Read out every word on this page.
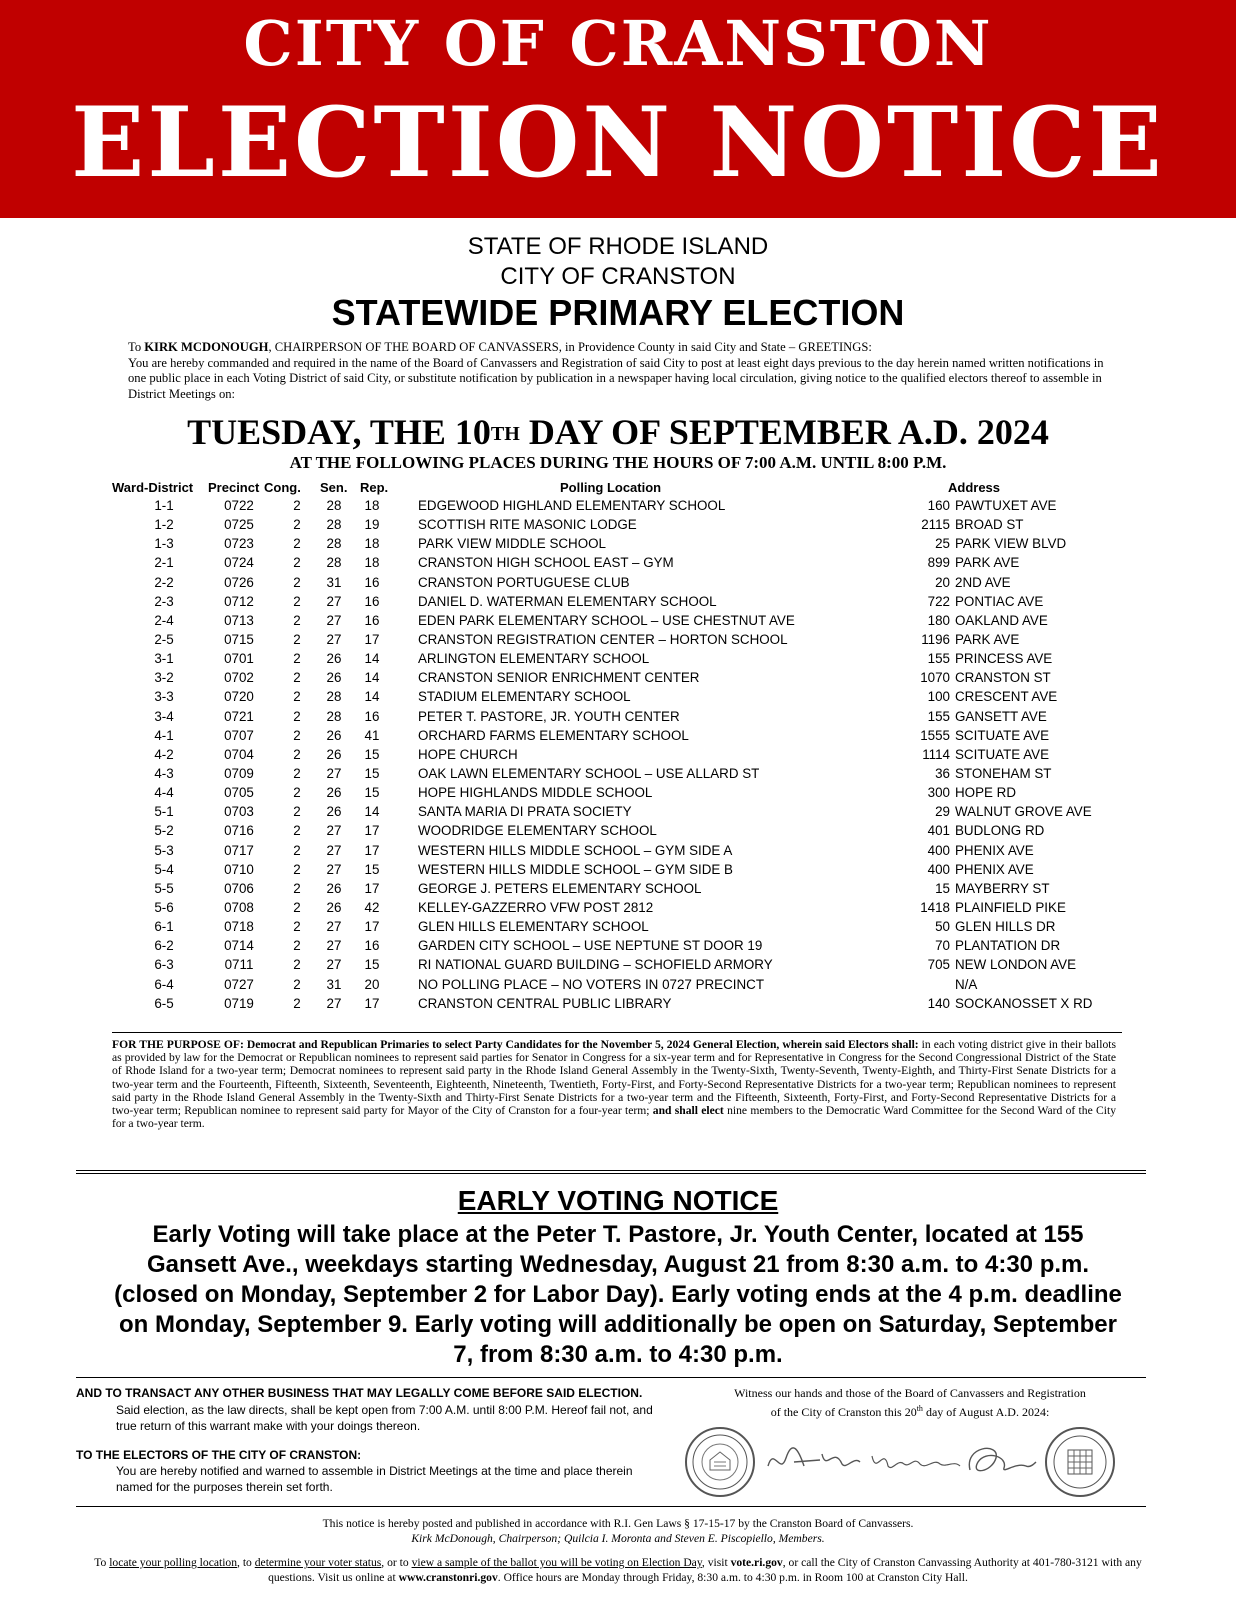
CITY OF CRANSTON
ELECTION NOTICE
STATE OF RHODE ISLAND
CITY OF CRANSTON
STATEWIDE PRIMARY ELECTION
To KIRK MCDONOUGH, CHAIRPERSON OF THE BOARD OF CANVASSERS, in Providence County in said City and State – GREETINGS:
You are hereby commanded and required in the name of the Board of Canvassers and Registration of said City to post at least eight days previous to the day herein named written notifications in one public place in each Voting District of said City, or substitute notification by publication in a newspaper having local circulation, giving notice to the qualified electors thereof to assemble in District Meetings on:
TUESDAY, THE 10TH DAY OF SEPTEMBER A.D. 2024
AT THE FOLLOWING PLACES DURING THE HOURS OF 7:00 A.M. UNTIL 8:00 P.M.
Ward-District	Precinct Cong.	Sen. Rep.	Polling Location	Address
1-1	0722	2	28	18	EDGEWOOD HIGHLAND ELEMENTARY SCHOOL	160 PAWTUXET AVE
1-2	0725	2	28	19	SCOTTISH RITE MASONIC LODGE	2115 BROAD ST
1-3	0723	2	28	18	PARK VIEW MIDDLE SCHOOL	25 PARK VIEW BLVD
2-1	0724	2	28	18	CRANSTON HIGH SCHOOL EAST – GYM	899 PARK AVE
2-2	0726	2	31	16	CRANSTON PORTUGUESE CLUB	20 2ND AVE
2-3	0712	2	27	16	DANIEL D. WATERMAN ELEMENTARY SCHOOL	722 PONTIAC AVE
2-4	0713	2	27	16	EDEN PARK ELEMENTARY SCHOOL – USE CHESTNUT AVE	180 OAKLAND AVE
2-5	0715	2	27	17	CRANSTON REGISTRATION CENTER – HORTON SCHOOL	1196 PARK AVE
3-1	0701	2	26	14	ARLINGTON ELEMENTARY SCHOOL	155 PRINCESS AVE
3-2	0702	2	26	14	CRANSTON SENIOR ENRICHMENT CENTER	1070 CRANSTON ST
3-3	0720	2	28	14	STADIUM ELEMENTARY SCHOOL	100 CRESCENT AVE
3-4	0721	2	28	16	PETER T. PASTORE, JR. YOUTH CENTER	155 GANSETT AVE
4-1	0707	2	26	41	ORCHARD FARMS ELEMENTARY SCHOOL	1555 SCITUATE AVE
4-2	0704	2	26	15	HOPE CHURCH	1114 SCITUATE AVE
4-3	0709	2	27	15	OAK LAWN ELEMENTARY SCHOOL – USE ALLARD ST	36 STONEHAM ST
4-4	0705	2	26	15	HOPE HIGHLANDS MIDDLE SCHOOL	300 HOPE RD
5-1	0703	2	26	14	SANTA MARIA DI PRATA SOCIETY	29 WALNUT GROVE AVE
5-2	0716	2	27	17	WOODRIDGE ELEMENTARY SCHOOL	401 BUDLONG RD
5-3	0717	2	27	17	WESTERN HILLS MIDDLE SCHOOL – GYM SIDE A	400 PHENIX AVE
5-4	0710	2	27	15	WESTERN HILLS MIDDLE SCHOOL – GYM SIDE B	400 PHENIX AVE
5-5	0706	2	26	17	GEORGE J. PETERS ELEMENTARY SCHOOL	15 MAYBERRY ST
5-6	0708	2	26	42	KELLEY-GAZZERRO VFW POST 2812	1418 PLAINFIELD PIKE
6-1	0718	2	27	17	GLEN HILLS ELEMENTARY SCHOOL	50 GLEN HILLS DR
6-2	0714	2	27	16	GARDEN CITY SCHOOL – USE NEPTUNE ST DOOR 19	70 PLANTATION DR
6-3	0711	2	27	15	RI NATIONAL GUARD BUILDING – SCHOFIELD ARMORY	705 NEW LONDON AVE
6-4	0727	2	31	20	NO POLLING PLACE – NO VOTERS IN 0727 PRECINCT	N/A
6-5	0719	2	27	17	CRANSTON CENTRAL PUBLIC LIBRARY	140 SOCKANOSSET X RD
FOR THE PURPOSE OF: Democrat and Republican Primaries to select Party Candidates for the November 5, 2024 General Election, wherein said Electors shall: in each voting district give in their ballots as provided by law for the Democrat or Republican nominees to represent said parties for Senator in Congress for a six-year term and for Representative in Congress for the Second Congressional District of the State of Rhode Island for a two-year term; Democrat nominees to represent said party in the Rhode Island General Assembly in the Twenty-Sixth, Twenty-Seventh, Twenty-Eighth, and Thirty-First Senate Districts for a two-year term and the Fourteenth, Fifteenth, Sixteenth, Seventeenth, Eighteenth, Nineteenth, Twentieth, Forty-First, and Forty-Second Representative Districts for a two-year term; Republican nominees to represent said party in the Rhode Island General Assembly in the Twenty-Sixth and Thirty-First Senate Districts for a two-year term and the Fifteenth, Sixteenth, Forty-First, and Forty-Second Representative Districts for a two-year term; Republican nominee to represent said party for Mayor of the City of Cranston for a four-year term; and shall elect nine members to the Democratic Ward Committee for the Second Ward of the City for a two-year term.
EARLY VOTING NOTICE
Early Voting will take place at the Peter T. Pastore, Jr. Youth Center, located at 155 Gansett Ave., weekdays starting Wednesday, August 21 from 8:30 a.m. to 4:30 p.m. (closed on Monday, September 2 for Labor Day). Early voting ends at the 4 p.m. deadline on Monday, September 9. Early voting will additionally be open on Saturday, September 7, from 8:30 a.m. to 4:30 p.m.
AND TO TRANSACT ANY OTHER BUSINESS THAT MAY LEGALLY COME BEFORE SAID ELECTION.
Said election, as the law directs, shall be kept open from 7:00 A.M. until 8:00 P.M. Hereof fail not, and true return of this warrant make with your doings thereon.
Witness our hands and those of the Board of Canvassers and Registration
of the City of Cranston this 20th day of August A.D. 2024:
TO THE ELECTORS OF THE CITY OF CRANSTON:
You are hereby notified and warned to assemble in District Meetings at the time and place therein named for the purposes therein set forth.
This notice is hereby posted and published in accordance with R.I. Gen Laws § 17-15-17 by the Cranston Board of Canvassers.
Kirk McDonough, Chairperson; Quilcia I. Moronta and Steven E. Piscopiello, Members.
To locate your polling location, to determine your voter status, or to view a sample of the ballot you will be voting on Election Day, visit vote.ri.gov, or call the City of Cranston Canvassing Authority at 401-780-3121 with any questions. Visit us online at www.cranstonri.gov. Office hours are Monday through Friday, 8:30 a.m. to 4:30 p.m. in Room 100 at Cranston City Hall.
